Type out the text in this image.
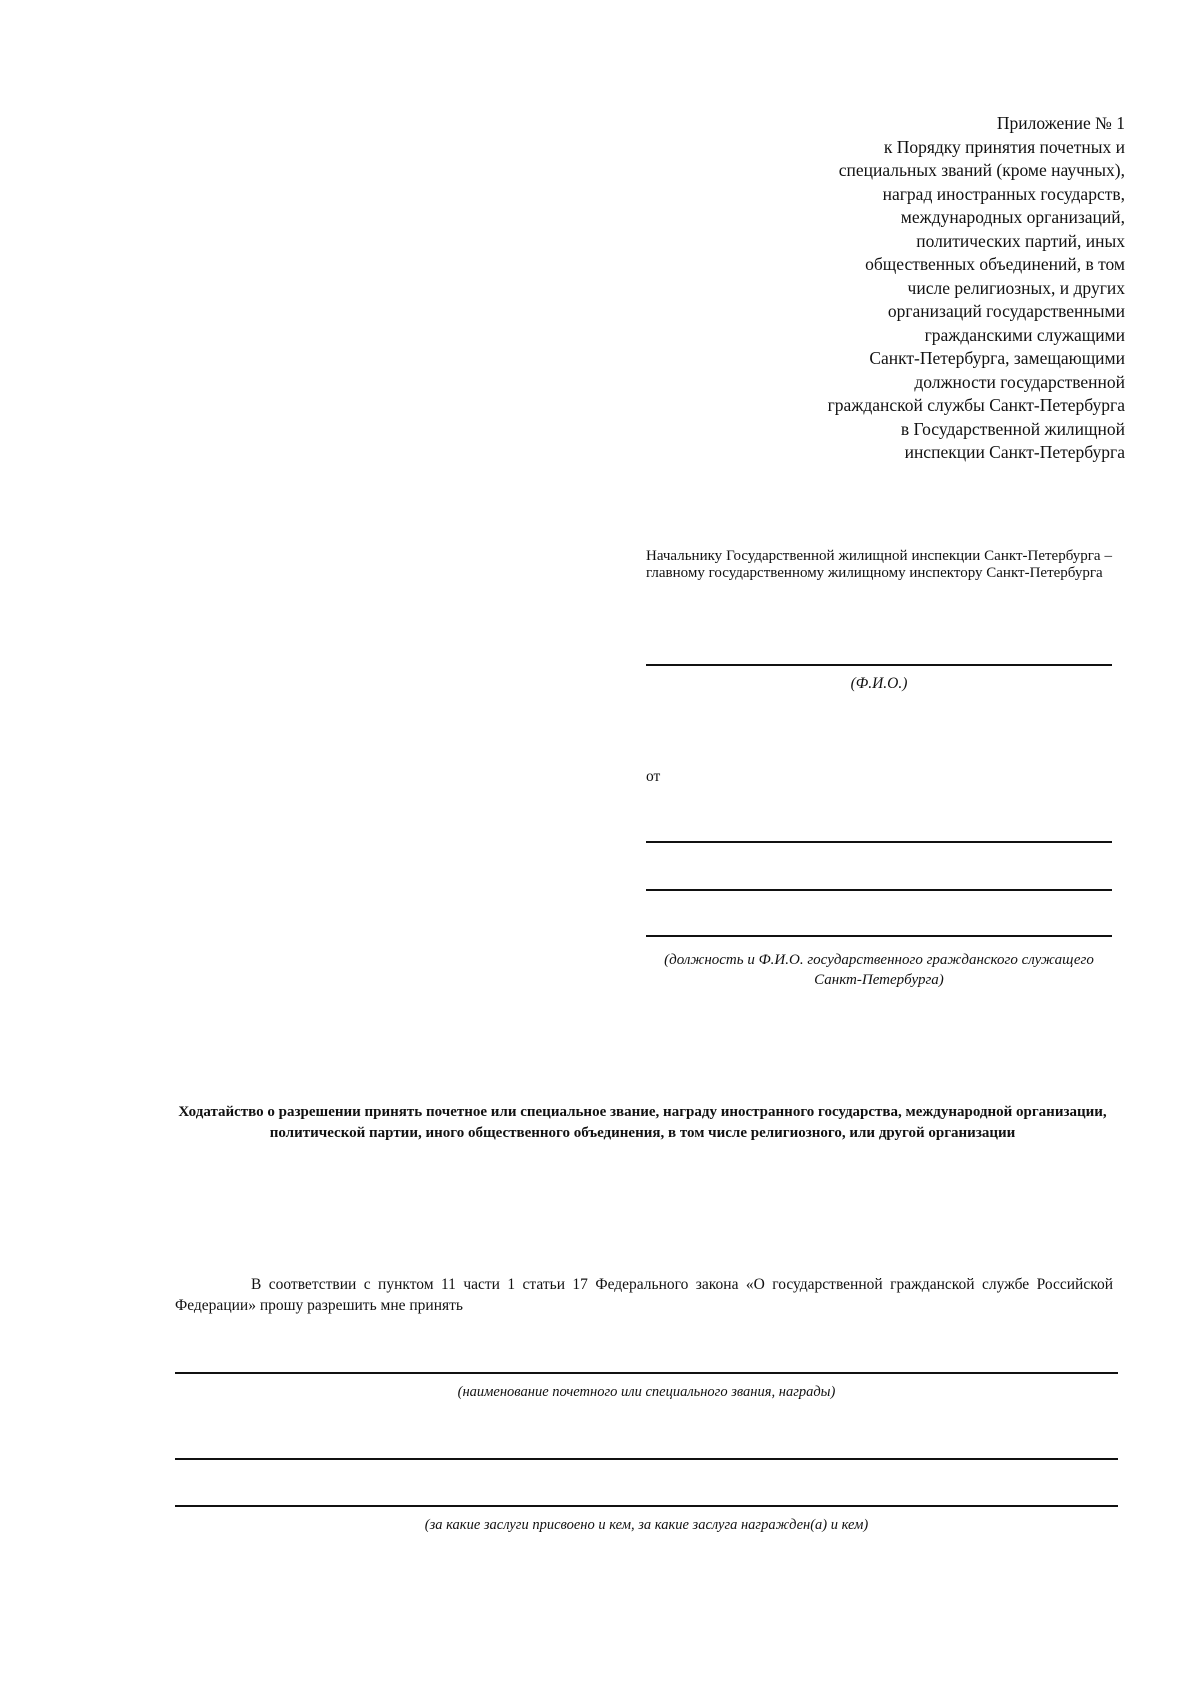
Приложение № 1
к Порядку принятия почетных и
специальных званий (кроме научных),
наград иностранных государств,
международных организаций,
политических партий, иных
общественных объединений, в том
числе религиозных, и других
организаций государственными
гражданскими служащими
Санкт-Петербурга, замещающими
должности государственной
гражданской службы Санкт-Петербурга
в Государственной жилищной
инспекции Санкт-Петербурга
Начальнику Государственной жилищной инспекции Санкт-Петербурга – главному государственному жилищному инспектору Санкт-Петербурга
(Ф.И.О.)
от
(должность и Ф.И.О. государственного гражданского служащего Санкт-Петербурга)
Ходатайство о разрешении принять почетное или специальное звание, награду иностранного государства, международной организации, политической партии, иного общественного объединения, в том числе религиозного, или другой организации
В соответствии с пунктом 11 части 1 статьи 17 Федерального закона «О государственной гражданской службе Российской Федерации» прошу разрешить мне принять
(наименование почетного или специального звания, награды)
(за какие заслуги присвоено и кем, за какие заслуга награжден(а) и кем)
